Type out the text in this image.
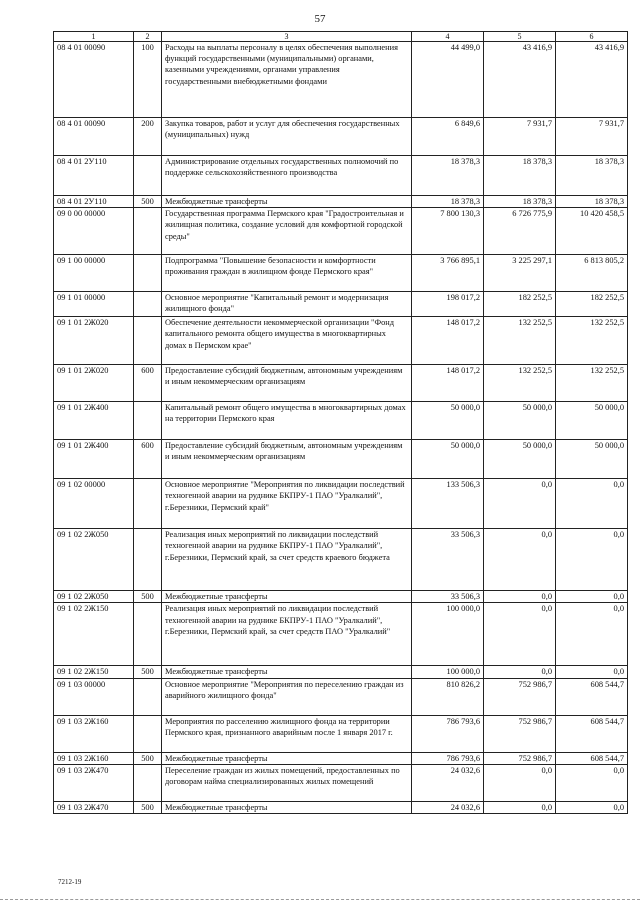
57
1	2	3	4	5	6
08 4 01 00090	100	Расходы на выплаты персоналу в целях обеспечения выполнения функций государственными (муниципальными) органами, казенными учреждениями, органами управления государственными внебюджетными фондами	44 499,0	43 416,9	43 416,9
08 4 01 00090	200	Закупка товаров, работ и услуг для обеспечения государственных (муниципальных) нужд	6 849,6	7 931,7	7 931,7
08 4 01 2У110		Администрирование отдельных государственных полномочий по поддержке сельскохозяйственного производства	18 378,3	18 378,3	18 378,3
08 4 01 2У110	500	Межбюджетные трансферты	18 378,3	18 378,3	18 378,3
09 0 00 00000		Государственная программа Пермского края "Градостроительная и жилищная политика, создание условий для комфортной городской среды"	7 800 130,3	6 726 775,9	10 420 458,5
09 1 00 00000		Подпрограмма "Повышение безопасности и комфортности проживания граждан в жилищном фонде Пермского края"	3 766 895,1	3 225 297,1	6 813 805,2
09 1 01 00000		Основное мероприятие "Капитальный ремонт и модернизация жилищного фонда"	198 017,2	182 252,5	182 252,5
09 1 01 2Ж020		Обеспечение деятельности некоммерческой организации "Фонд капитального ремонта общего имущества в многоквартирных домах в Пермском крае"	148 017,2	132 252,5	132 252,5
09 1 01 2Ж020	600	Предоставление субсидий бюджетным, автономным учреждениям и иным некоммерческим организациям	148 017,2	132 252,5	132 252,5
09 1 01 2Ж400		Капитальный ремонт общего имущества в многоквартирных домах на территории Пермского края	50 000,0	50 000,0	50 000,0
09 1 01 2Ж400	600	Предоставление субсидий бюджетным, автономным учреждениям и иным некоммерческим организациям	50 000,0	50 000,0	50 000,0
09 1 02 00000		Основное мероприятие "Мероприятия по ликвидации последствий техногенной аварии на руднике БКПРУ-1 ПАО "Уралкалий", г.Березники, Пермский край"	133 506,3	0,0	0,0
09 1 02 2Ж050		Реализация иных мероприятий по ликвидации последствий техногенной аварии на руднике БКПРУ-1 ПАО "Уралкалий", г.Березники, Пермский край, за счет средств краевого бюджета	33 506,3	0,0	0,0
09 1 02 2Ж050	500	Межбюджетные трансферты	33 506,3	0,0	0,0
09 1 02 2Ж150		Реализация иных мероприятий по ликвидации последствий техногенной аварии на руднике БКПРУ-1 ПАО "Уралкалий", г.Березники, Пермский край, за счет средств ПАО "Уралкалий"	100 000,0	0,0	0,0
09 1 02 2Ж150	500	Межбюджетные трансферты	100 000,0	0,0	0,0
09 1 03 00000		Основное мероприятие "Мероприятия по переселению граждан из аварийного жилищного фонда"	810 826,2	752 986,7	608 544,7
09 1 03 2Ж160		Мероприятия по расселению жилищного фонда на территории Пермского края, признанного аварийным после 1 января 2017 г.	786 793,6	752 986,7	608 544,7
09 1 03 2Ж160	500	Межбюджетные трансферты	786 793,6	752 986,7	608 544,7
09 1 03 2Ж470		Переселение граждан из жилых помещений, предоставленных по договорам найма специализированных жилых помещений	24 032,6	0,0	0,0
09 1 03 2Ж470	500	Межбюджетные трансферты	24 032,6	0,0	0,0
7212-19
